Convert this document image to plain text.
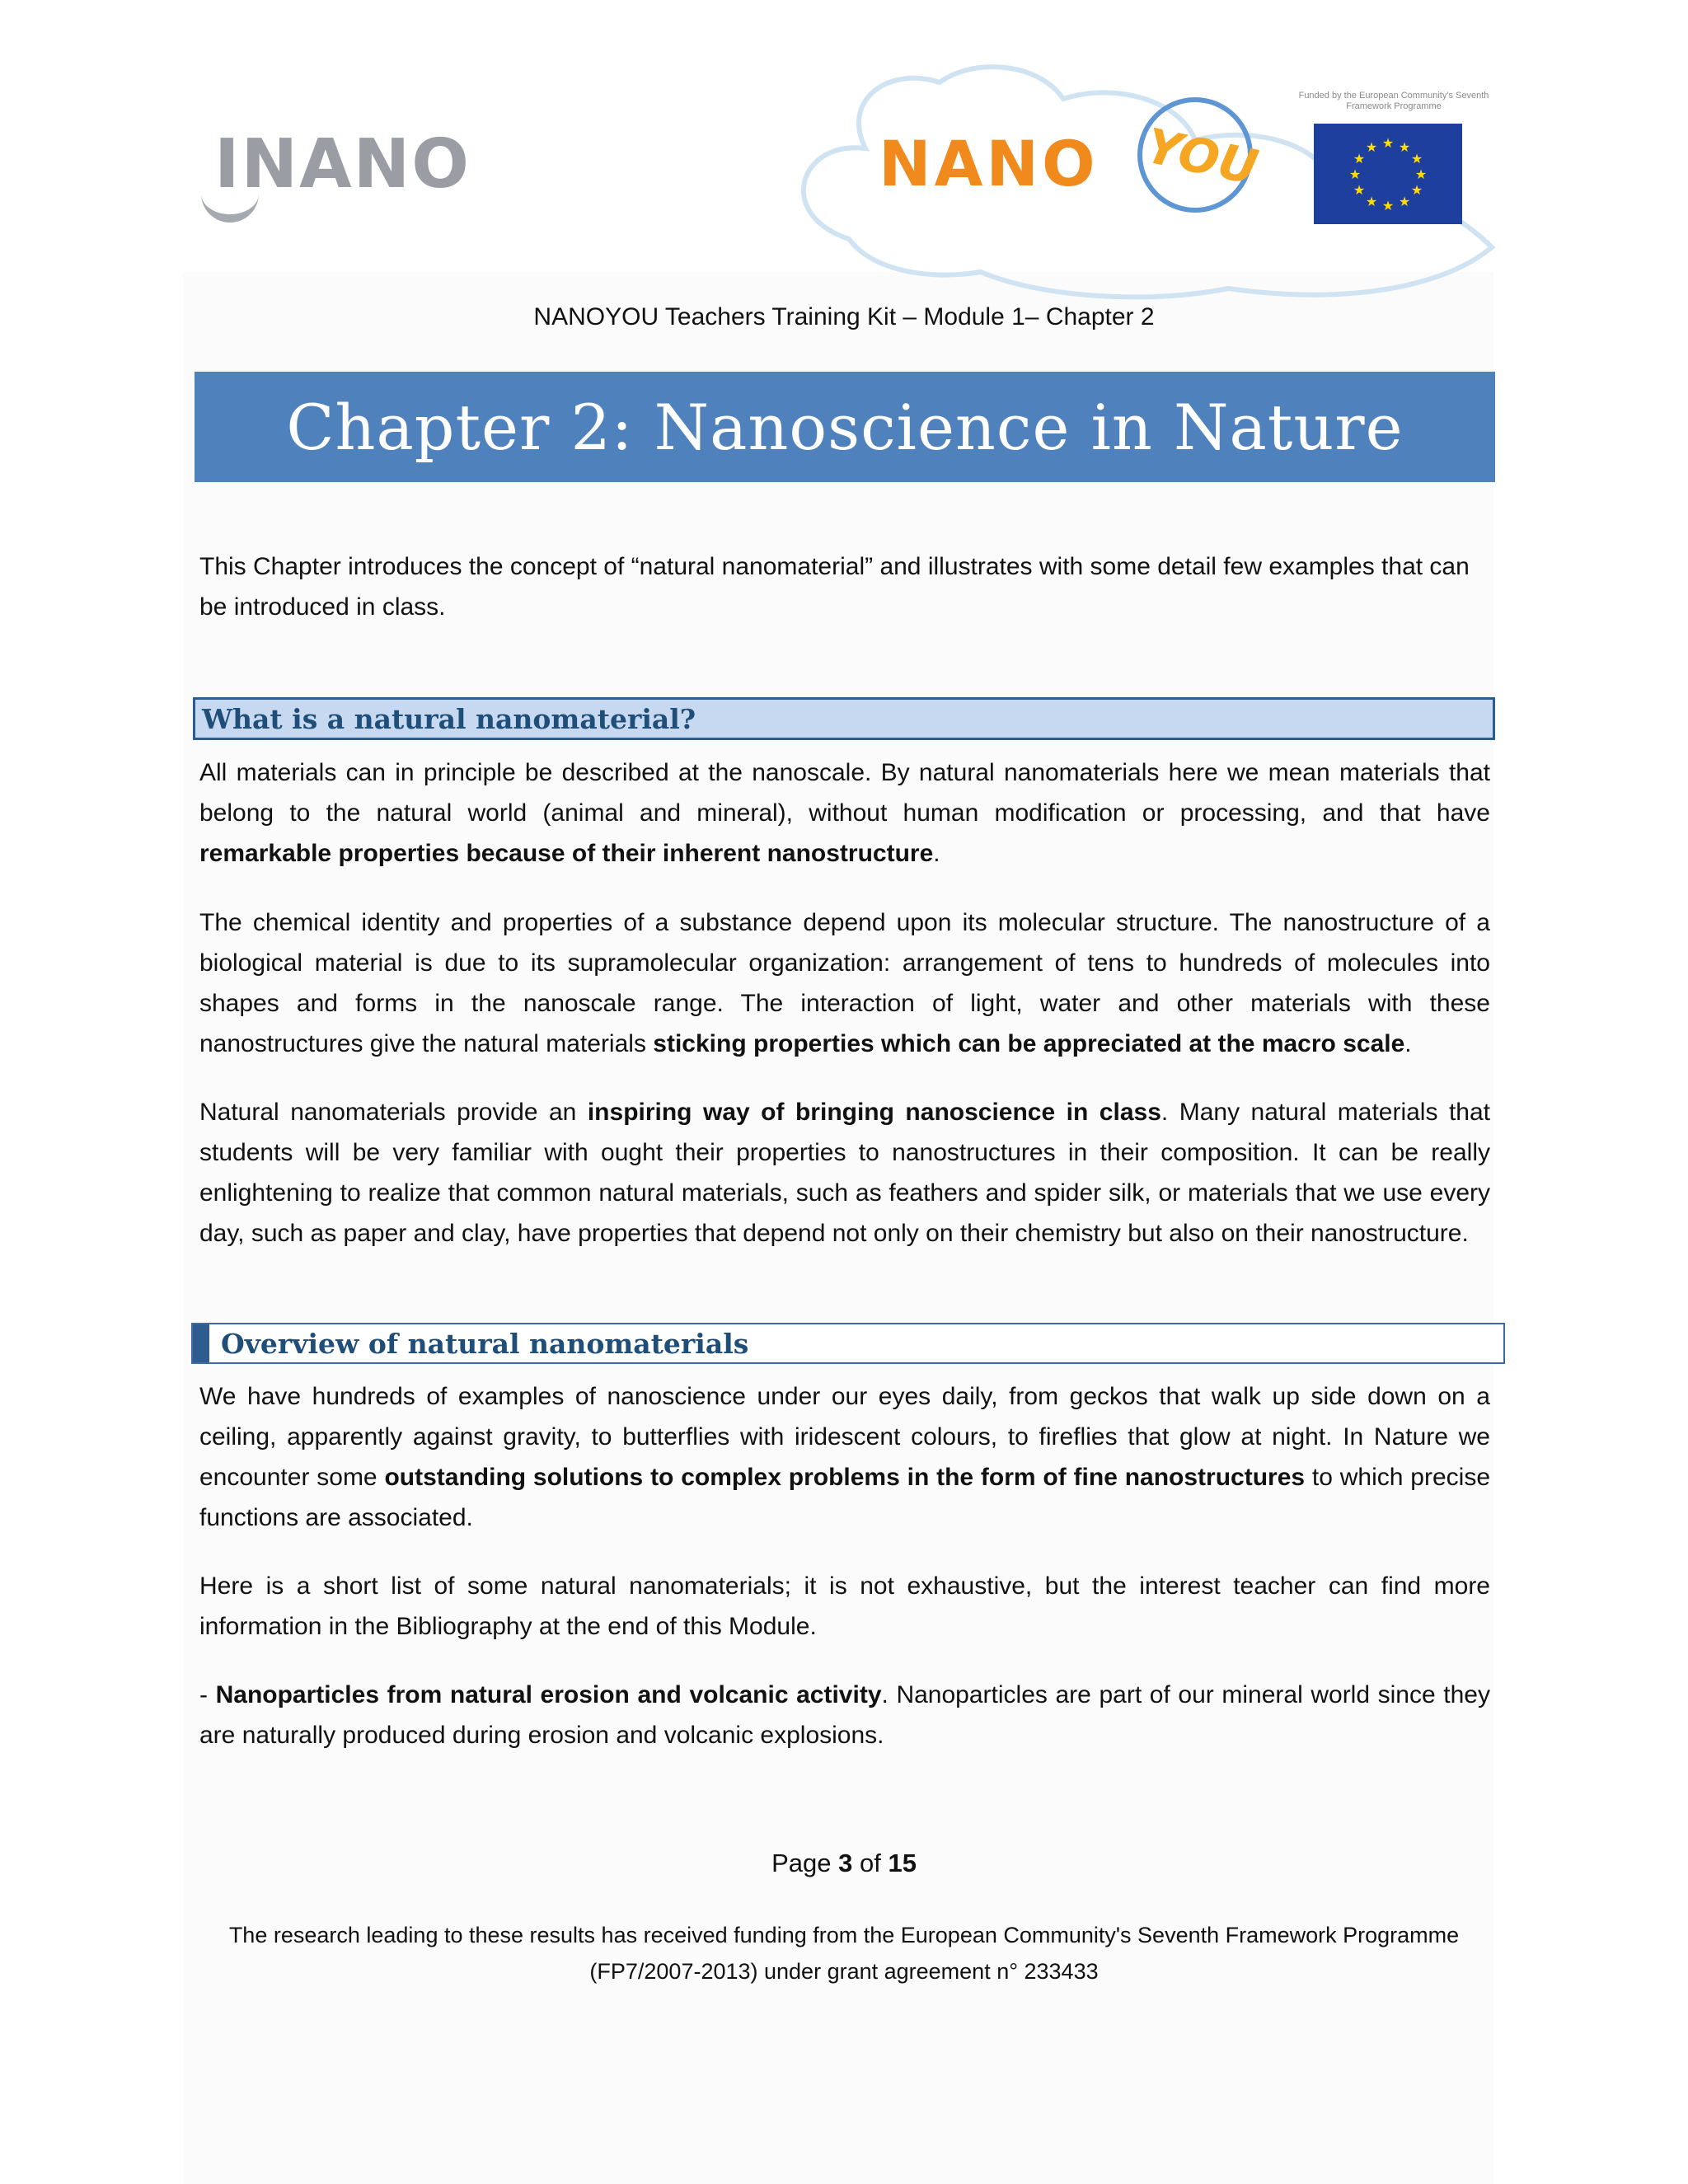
INANO	NANO YOU
Funded by the European Community's Seventh Framework Programme
★ ★
★
★
★
★
★
★
★
★
★
★
NANOYOU Teachers Training Kit – Module 1– Chapter 2
Chapter 2: Nanoscience in Nature

This Chapter introduces the concept of “natural nanomaterial” and illustrates with some detail few examples that can be introduced in class.

What is a natural nanomaterial?

All materials can in principle be described at the nanoscale. By natural nanomaterials here we mean materials that belong to the natural world (animal and mineral), without human modification or processing, and that have remarkable properties because of their inherent nanostructure.

The chemical identity and properties of a substance depend upon its molecular structure. The nanostructure of a biological material is due to its supramolecular organization: arrangement of tens to hundreds of molecules into shapes and forms in the nanoscale range. The interaction of light, water and other materials with these nanostructures give the natural materials sticking properties which can be appreciated at the macro scale.

Natural nanomaterials provide an inspiring way of bringing nanoscience in class. Many natural materials that students will be very familiar with ought their properties to nanostructures in their composition. It can be really enlightening to realize that common natural materials, such as feathers and spider silk, or materials that we use every day, such as paper and clay, have properties that depend not only on their chemistry but also on their nanostructure.

Overview of natural nanomaterials

We have hundreds of examples of nanoscience under our eyes daily, from geckos that walk up side down on a ceiling, apparently against gravity, to butterflies with iridescent colours, to fireflies that glow at night. In Nature we encounter some outstanding solutions to complex problems in the form of fine nanostructures to which precise functions are associated.

Here is a short list of some natural nanomaterials; it is not exhaustive, but the interest teacher can find more information in the Bibliography at the end of this Module.

- Nanoparticles from natural erosion and volcanic activity. Nanoparticles are part of our mineral world since they are naturally produced during erosion and volcanic explosions.

Page 3 of 15
The research leading to these results has received funding from the European Community's Seventh Framework Programme
(FP7/2007-2013) under grant agreement n° 233433
